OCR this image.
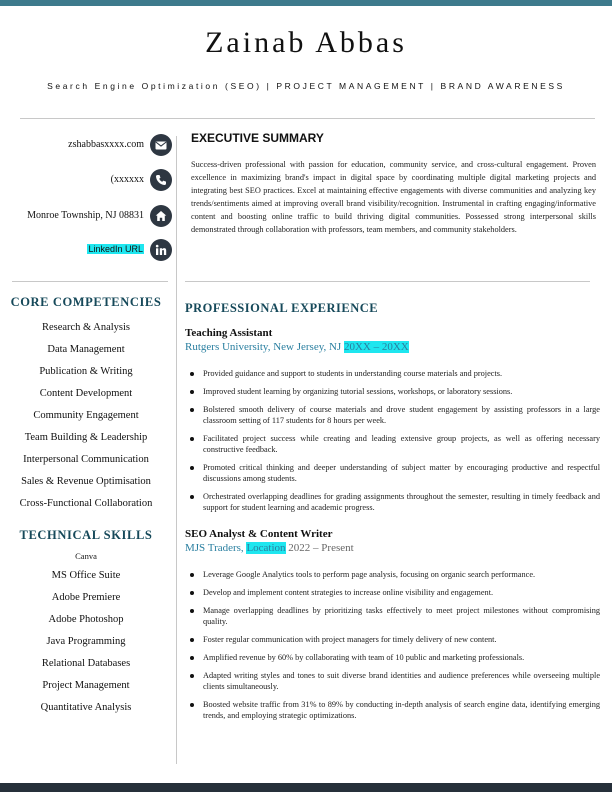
Zainab Abbas
Search Engine Optimization (SEO) | PROJECT MANAGEMENT | BRAND AWARENESS
zshabbasxxxx.com
(xxxxxx
Monroe Township, NJ 08831
LinkedIn URL
CORE COMPETENCIES
Research & Analysis
Data Management
Publication & Writing
Content Development
Community Engagement
Team Building & Leadership
Interpersonal Communication
Sales & Revenue Optimisation
Cross-Functional Collaboration
TECHNICAL SKILLS
Canva
MS Office Suite
Adobe Premiere
Adobe Photoshop
Java Programming
Relational Databases
Project Management
Quantitative Analysis
EXECUTIVE SUMMARY
Success-driven professional with passion for education, community service, and cross-cultural engagement. Proven excellence in maximizing brand's impact in digital space by coordinating multiple digital marketing projects and integrating best SEO practices. Excel at maintaining effective engagements with diverse communities and analyzing key trends/sentiments aimed at improving overall brand visibility/recognition. Instrumental in crafting engaging/informative content and boosting online traffic to build thriving digital communities. Possessed strong interpersonal skills demonstrated through collaboration with professors, team members, and community stakeholders.
PROFESSIONAL EXPERIENCE
Teaching Assistant
Rutgers University, New Jersey, NJ 20XX – 20XX
Provided guidance and support to students in understanding course materials and projects.
Improved student learning by organizing tutorial sessions, workshops, or laboratory sessions.
Bolstered smooth delivery of course materials and drove student engagement by assisting professors in a large classroom setting of 117 students for 8 hours per week.
Facilitated project success while creating and leading extensive group projects, as well as offering necessary constructive feedback.
Promoted critical thinking and deeper understanding of subject matter by encouraging productive and respectful discussions among students.
Orchestrated overlapping deadlines for grading assignments throughout the semester, resulting in timely feedback and support for student learning and academic progress.
SEO Analyst & Content Writer
MJS Traders, Location 2022 – Present
Leverage Google Analytics tools to perform page analysis, focusing on organic search performance.
Develop and implement content strategies to increase online visibility and engagement.
Manage overlapping deadlines by prioritizing tasks effectively to meet project milestones without compromising quality.
Foster regular communication with project managers for timely delivery of new content.
Amplified revenue by 60% by collaborating with team of 10 public and marketing professionals.
Adapted writing styles and tones to suit diverse brand identities and audience preferences while overseeing multiple clients simultaneously.
Boosted website traffic from 31% to 89% by conducting in-depth analysis of search engine data, identifying emerging trends, and employing strategic optimizations.
